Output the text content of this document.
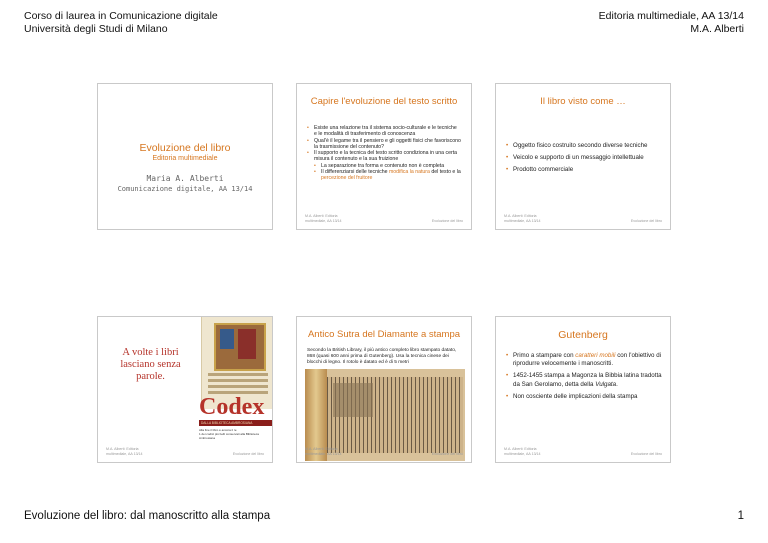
Corso di laurea in Comunicazione digitale
Università degli Studi di Milano
Editoria multimediale, AA 13/14
M.A. Alberti
Evoluzione del libro
Editoria multimediale
Maria A. Alberti
Comunicazione digitale, AA 13/14
Capire l'evoluzione del testo scritto
• Esiste una relazione tra il sistema socio-culturale e le tecniche e le modalità di trasferimento di conoscenza
• Qual'è il legame tra il pensiero e gli oggetti fisici che favoriscono la trasmissione del contenuto?
• Il supporto e la tecnica del testo scritto condiziona in una certa misura il contenuto e la sua fruizione
• La separazione tra forma e contenuto non è completa
• Il differenziarsi delle tecniche modifica la natura del testo e la percezione del fruitore
M.A. Alberti: Editoria
multimediale, AA 13/14	Evoluzione del libro
Il libro visto come …
• Oggetto fisico costruito secondo diverse tecniche
• Veicolo e supporto di un messaggio intellettuale
• Prodotto commerciale
M.A. Alberti: Editoria
multimediale, AA 13/14	Evoluzione del libro
A volte i libri
lasciano senza parole.
Codex
DALLA BIBLIOTECA AMBROSIANA
Alla fine il libro è ancora il re
1 dei codici più belli conservati alla Biblioteca Ambrosiana
M.A. Alberti: Editoria
multimediale, AA 13/14	Evoluzione del libro
Antico Sutra del Diamante a stampa
Secondo la British Library, il più antico completo libro stampato datato, 868 (quasi 600 anni prima di Gutenberg). Usa la tecnica cinese dei blocchi di legno. Il rotolo è datato ed è di 5 metri
M.A. Alberti: Editoria
multimediale, AA 13/14	Evoluzione del libro
Gutenberg
• Primo a stampare con caratteri mobili con l'obiettivo di riprodurre velocemente i manoscritti.
• 1452-1455 stampa a Magonza la Bibbia latina tradotta da San Gerolamo, detta della Vulgata.
• Non cosciente delle implicazioni della stampa
M.A. Alberti: Editoria
multimediale, AA 13/14	Evoluzione del libro
Evoluzione del libro: dal manoscritto alla stampa	1
